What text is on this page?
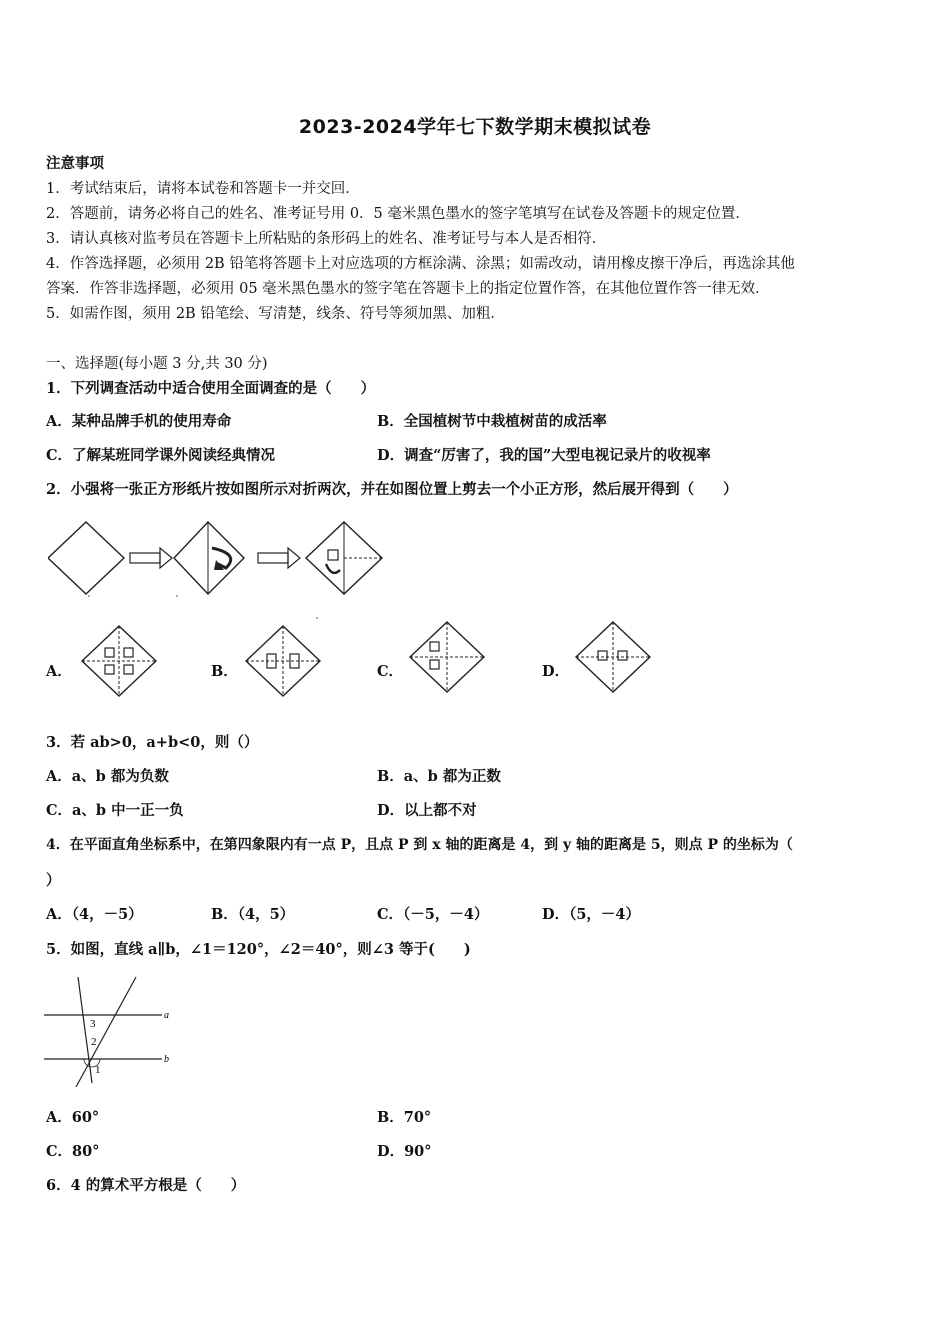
2023-2024学年七下数学期末模拟试卷
注意事项
1．考试结束后，请将本试卷和答题卡一并交回．
2．答题前，请务必将自己的姓名、准考证号用 0．5 毫米黑色墨水的签字笔填写在试卷及答题卡的规定位置．
3．请认真核对监考员在答题卡上所粘贴的条形码上的姓名、准考证号与本人是否相符．
4．作答选择题，必须用 2B 铅笔将答题卡上对应选项的方框涂满、涂黑；如需改动，请用橡皮擦干净后，再选涂其他
答案．作答非选择题，必须用 05 毫米黑色墨水的签字笔在答题卡上的指定位置作答，在其他位置作答一律无效．
5．如需作图，须用 2B 铅笔绘、写清楚，线条、符号等须加黑、加粗．
一、选择题(每小题 3 分,共 30 分)
1．下列调查活动中适合使用全面调查的是（　　）
A．某种品牌手机的使用寿命	B．全国植树节中栽植树苗的成活率
C．了解某班同学课外阅读经典情况	D．调查“厉害了，我的国”大型电视记录片的收视率
2．小强将一张正方形纸片按如图所示对折两次，并在如图位置上剪去一个小正方形，然后展开得到（　　）
A．	B．	C．	D．
3．若 ab>0，a+b<0，则（）
A．a、b 都为负数	B．a、b 都为正数
C．a、b 中一正一负	D．以上都不对
4．在平面直角坐标系中，在第四象限内有一点 P，且点 P 到 x 轴的距离是 4，到 y 轴的距离是 5，则点 P 的坐标为（
）
A．（4，－5）	B．（4，5）	C．（－5，－4）	D．（5，－4）
5．如图，直线 a∥b，∠1＝120°，∠2＝40°，则∠3 等于(　　)
a
b
3
2
1
A．60°	B．70°
C．80°	D．90°
6．4 的算术平方根是（　　）
